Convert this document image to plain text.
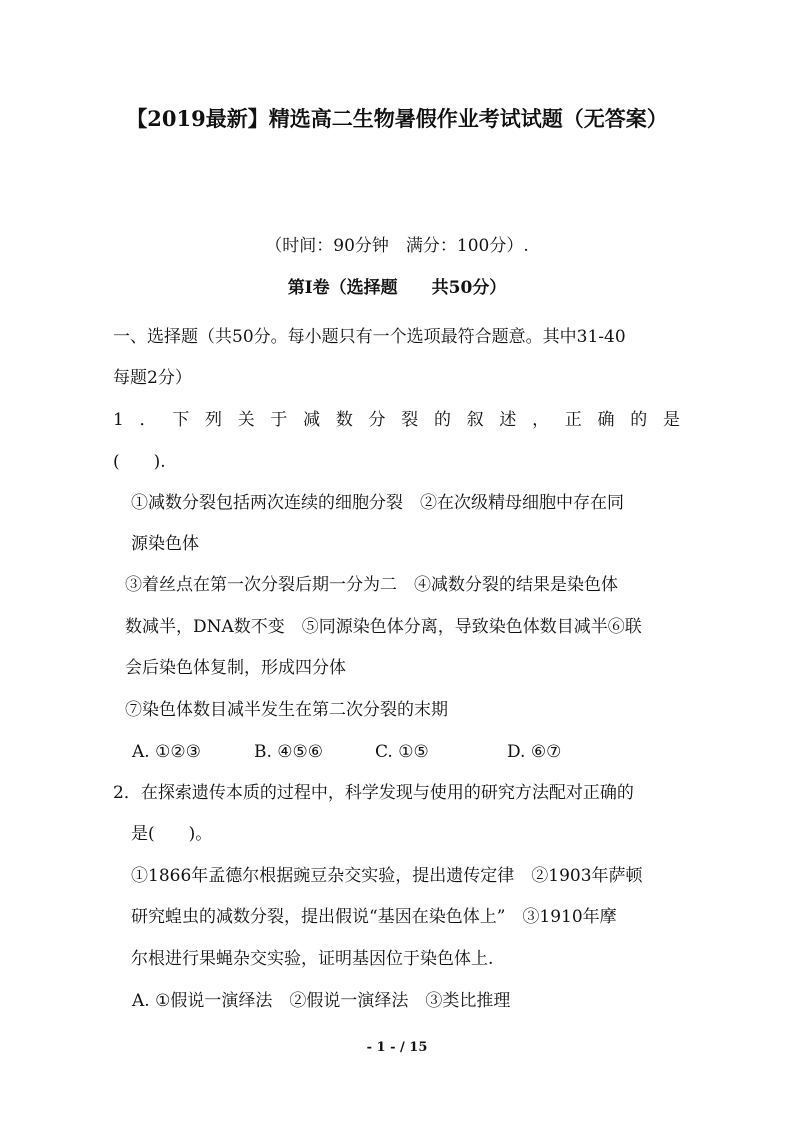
【2019最新】精选高二生物暑假作业考试试题（无答案）
（时间：90分钟　满分：100分）.
第Ⅰ卷（选择题　　共50分）
一、选择题（共50分。每小题只有一个选项最符合题意。其中31-40
每题2分）
1．下列关于减数分裂的叙述，正确的是
(　　).
①减数分裂包括两次连续的细胞分裂　②在次级精母细胞中存在同
源染色体
③着丝点在第一次分裂后期一分为二　④减数分裂的结果是染色体
数减半，DNA数不变　⑤同源染色体分离，导致染色体数目减半⑥联
会后染色体复制，形成四分体
⑦染色体数目减半发生在第二次分裂的末期
A. ①②③	B. ④⑤⑥	C. ①⑤	D. ⑥⑦
2．在探索遗传本质的过程中，科学发现与使用的研究方法配对正确的
是(　　)。
①1866年孟德尔根据豌豆杂交实验，提出遗传定律　②1903年萨顿
研究蝗虫的减数分裂，提出假说“基因在染色体上”　③1910年摩
尔根进行果蝇杂交实验，证明基因位于染色体上.
A. ①假说一演绎法　②假说一演绎法　③类比推理
- 1 - / 15
